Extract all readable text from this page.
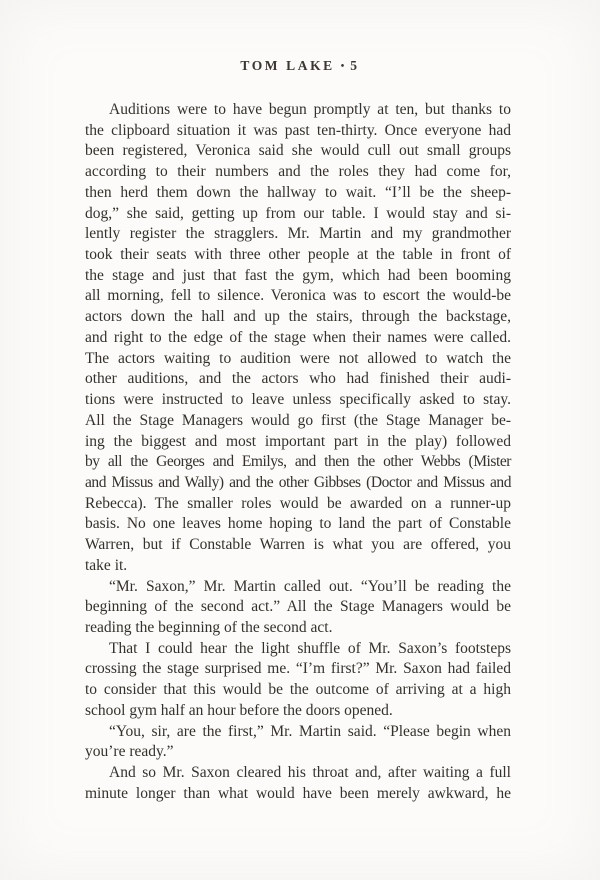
TOM LAKE • 5
Auditions were to have begun promptly at ten, but thanks to
the clipboard situation it was past ten-thirty. Once everyone had
been registered, Veronica said she would cull out small groups
according to their numbers and the roles they had come for,
then herd them down the hallway to wait. “I’ll be the sheep-
dog,” she said, getting up from our table. I would stay and si-
lently register the stragglers. Mr. Martin and my grandmother
took their seats with three other people at the table in front of
the stage and just that fast the gym, which had been booming
all morning, fell to silence. Veronica was to escort the would-be
actors down the hall and up the stairs, through the backstage,
and right to the edge of the stage when their names were called.
The actors waiting to audition were not allowed to watch the
other auditions, and the actors who had finished their audi-
tions were instructed to leave unless specifically asked to stay.
All the Stage Managers would go first (the Stage Manager be-
ing the biggest and most important part in the play) followed
by all the Georges and Emilys, and then the other Webbs (Mister
and Missus and Wally) and the other Gibbses (Doctor and Missus and
Rebecca). The smaller roles would be awarded on a runner-up
basis. No one leaves home hoping to land the part of Constable
Warren, but if Constable Warren is what you are offered, you
take it.
“Mr. Saxon,” Mr. Martin called out. “You’ll be reading the
beginning of the second act.” All the Stage Managers would be
reading the beginning of the second act.
That I could hear the light shuffle of Mr. Saxon’s footsteps
crossing the stage surprised me. “I’m first?” Mr. Saxon had failed
to consider that this would be the outcome of arriving at a high
school gym half an hour before the doors opened.
“You, sir, are the first,” Mr. Martin said. “Please begin when
you’re ready.”
And so Mr. Saxon cleared his throat and, after waiting a full
minute longer than what would have been merely awkward, he
